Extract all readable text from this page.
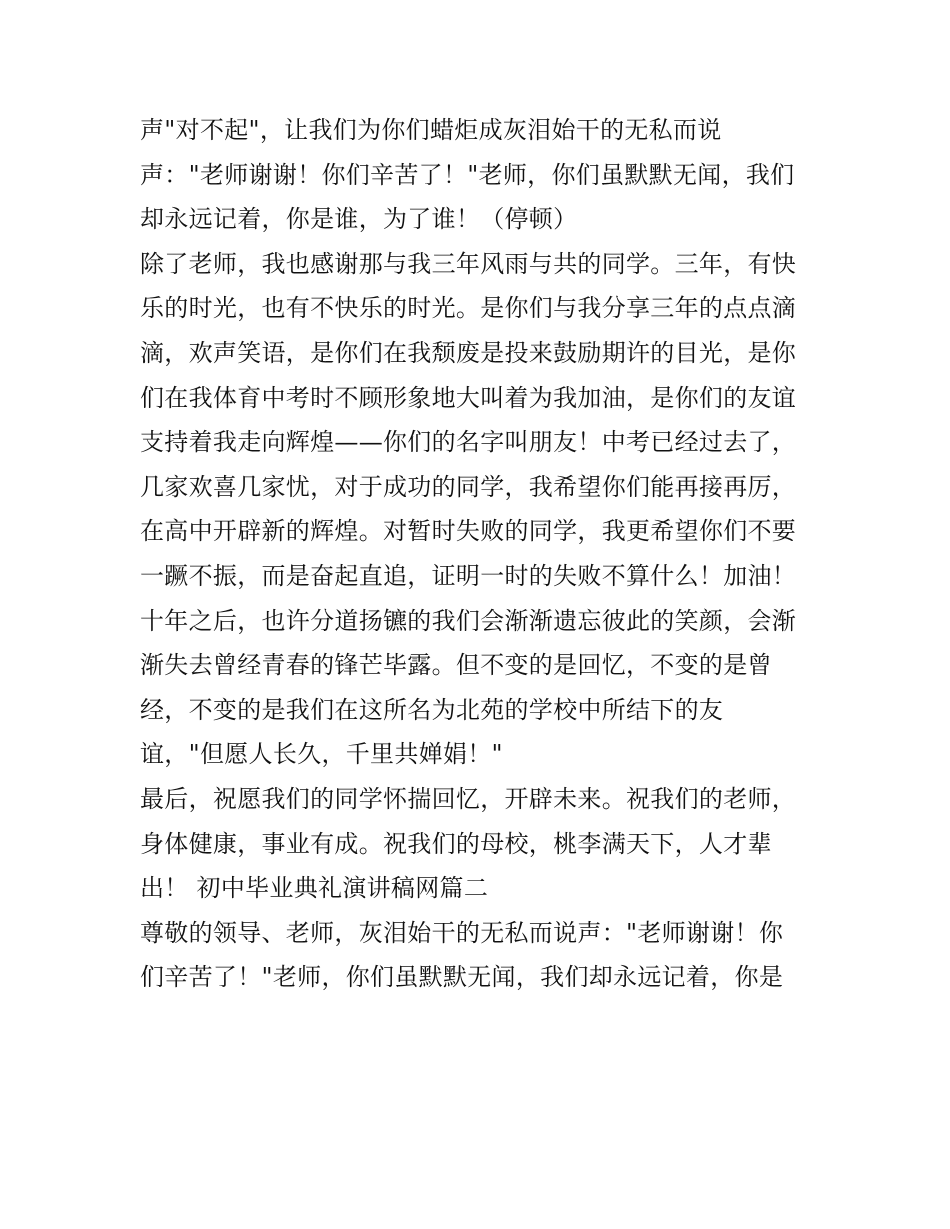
声"对不起"，让我们为你们蜡炬成灰泪始干的无私而说
声："老师谢谢！你们辛苦了！"老师，你们虽默默无闻，我们
却永远记着，你是谁，为了谁！（停顿）
除了老师，我也感谢那与我三年风雨与共的同学。三年，有快
乐的时光，也有不快乐的时光。是你们与我分享三年的点点滴
滴，欢声笑语，是你们在我颓废是投来鼓励期许的目光，是你
们在我体育中考时不顾形象地大叫着为我加油，是你们的友谊
支持着我走向辉煌——你们的名字叫朋友！中考已经过去了，
几家欢喜几家忧，对于成功的同学，我希望你们能再接再厉，
在高中开辟新的辉煌。对暂时失败的同学，我更希望你们不要
一蹶不振，而是奋起直追，证明一时的失败不算什么！加油！
十年之后，也许分道扬镳的我们会渐渐遗忘彼此的笑颜，会渐
渐失去曾经青春的锋芒毕露。但不变的是回忆，不变的是曾
经，不变的是我们在这所名为北苑的学校中所结下的友
谊，"但愿人长久，千里共婵娟！"
最后，祝愿我们的同学怀揣回忆，开辟未来。祝我们的老师，
身体健康，事业有成。祝我们的母校，桃李满天下，人才辈
出！ 初中毕业典礼演讲稿网篇二
尊敬的领导、老师，灰泪始干的无私而说声："老师谢谢！你
们辛苦了！"老师，你们虽默默无闻，我们却永远记着，你是
